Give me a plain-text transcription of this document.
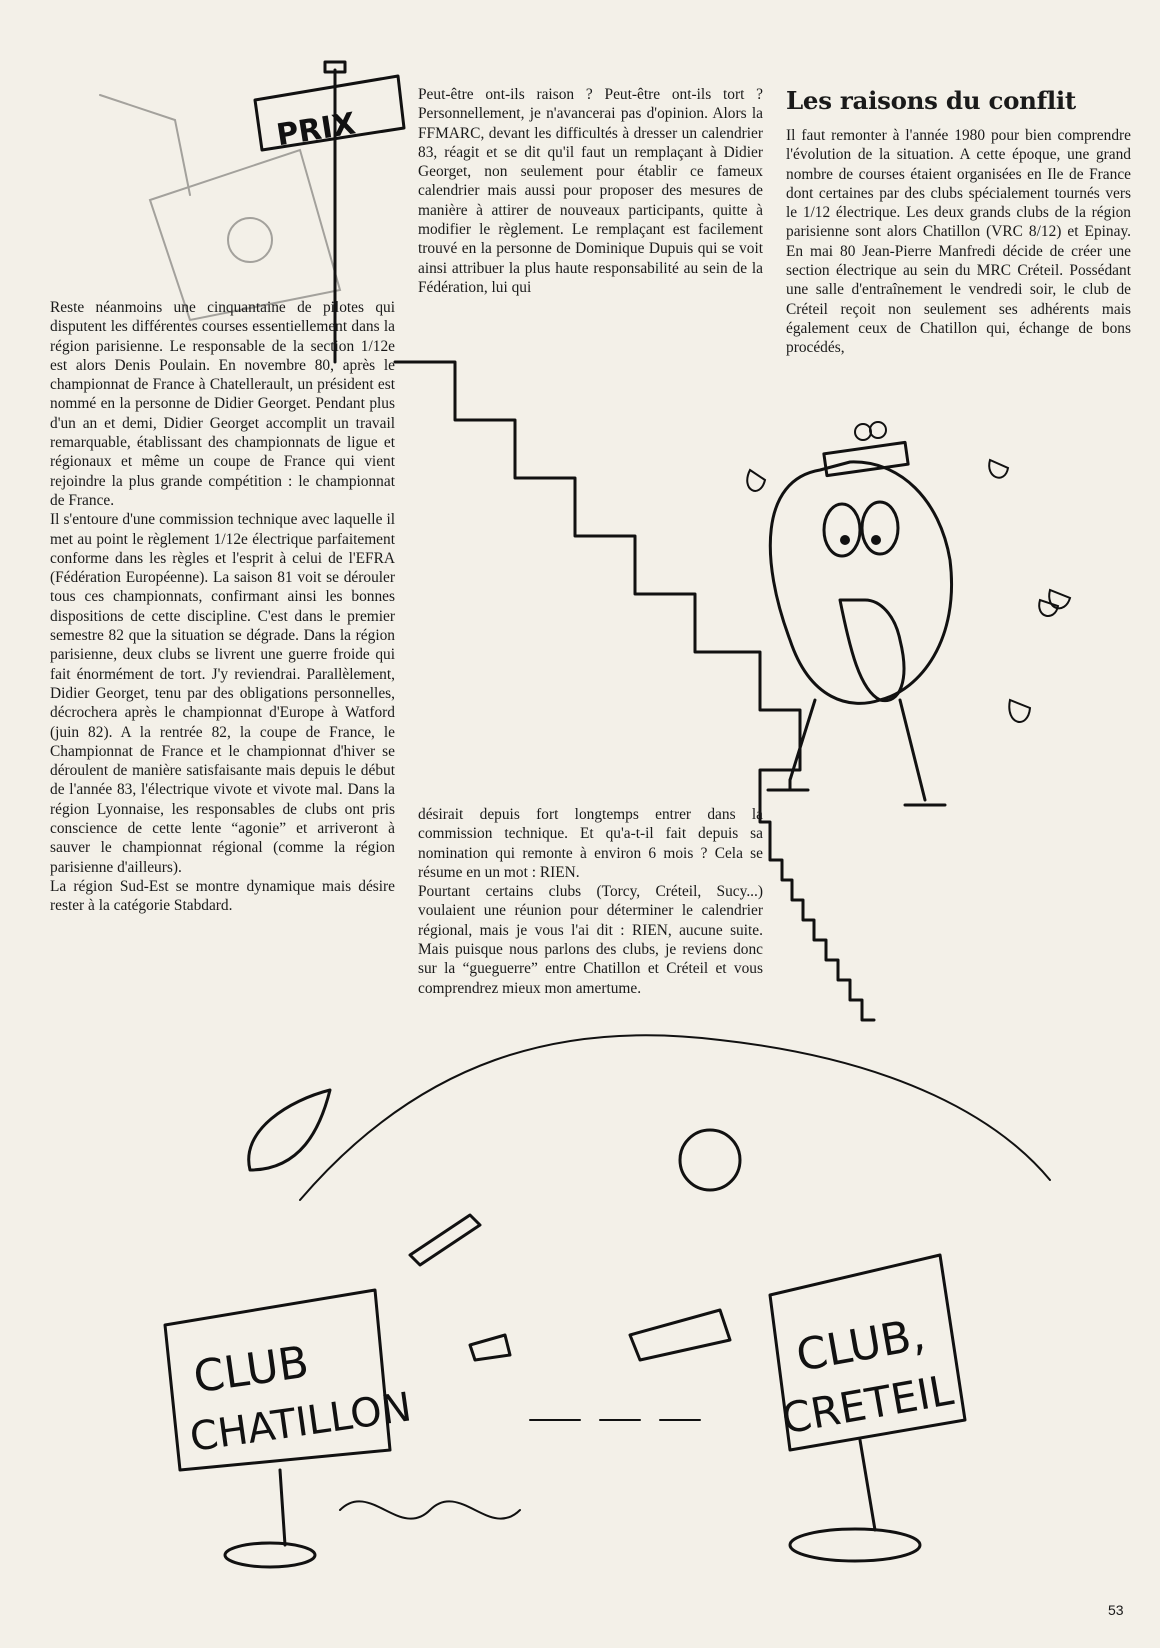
PRIX
CLUB
CHATILLON
CLUB,
CRETEIL

Reste néanmoins une cinquantaine de pilotes qui disputent les différentes courses essentiellement dans la région parisienne. Le responsable de la section 1/12e est alors Denis Poulain. En novembre 80, après le championnat de France à Chatellerault, un président est nommé en la personne de Didier Georget. Pendant plus d'un an et demi, Didier Georget accomplit un travail remarquable, établissant des championnats de ligue et régionaux et même un coupe de France qui vient rejoindre la plus grande compétition : le championnat de France.

Il s'entoure d'une commission technique avec laquelle il met au point le règlement 1/12e électrique parfaitement conforme dans les règles et l'esprit à celui de l'EFRA (Fédération Européenne). La saison 81 voit se dérouler tous ces championnats, confirmant ainsi les bonnes dispositions de cette discipline. C'est dans le premier semestre 82 que la situation se dégrade. Dans la région parisienne, deux clubs se livrent une guerre froide qui fait énormément de tort. J'y reviendrai. Parallèlement, Didier Georget, tenu par des obligations personnelles, décrochera après le championnat d'Europe à Watford (juin 82). A la rentrée 82, la coupe de France, le Championnat de France et le championnat d'hiver se déroulent de manière satisfaisante mais depuis le début de l'année 83, l'électrique vivote et vivote mal. Dans la région Lyonnaise, les responsables de clubs ont pris conscience de cette lente “agonie” et arriveront à sauver le championnat régional (comme la région parisienne d'ailleurs).

La région Sud-Est se montre dynamique mais désire rester à la catégorie Stabdard.

Peut-être ont-ils raison ? Peut-être ont-ils tort ? Personnellement, je n'avancerai pas d'opinion. Alors la FFMARC, devant les difficultés à dresser un calendrier 83, réagit et se dit qu'il faut un remplaçant à Didier Georget, non seulement pour établir ce fameux calendrier mais aussi pour proposer des mesures de manière à attirer de nouveaux participants, quitte à modifier le règlement. Le remplaçant est facilement trouvé en la personne de Dominique Dupuis qui se voit ainsi attribuer la plus haute responsabilité au sein de la Fédération, lui qui

désirait depuis fort longtemps entrer dans la commission technique. Et qu'a-t-il fait depuis sa nomination qui remonte à environ 6 mois ? Cela se résume en un mot : RIEN.

Pourtant certains clubs (Torcy, Créteil, Sucy...) voulaient une réunion pour déterminer le calendrier régional, mais je vous l'ai dit : RIEN, aucune suite. Mais puisque nous parlons des clubs, je reviens donc sur la “gueguerre” entre Chatillon et Créteil et vous comprendrez mieux mon amertume.

Les raisons du conflit

Il faut remonter à l'année 1980 pour bien comprendre l'évolution de la situation. A cette époque, une grand nombre de courses étaient organisées en Ile de France dont certaines par des clubs spécialement tournés vers le 1/12 électrique. Les deux grands clubs de la région parisienne sont alors Chatillon (VRC 8/12) et Epinay. En mai 80 Jean-Pierre Manfredi décide de créer une section électrique au sein du MRC Créteil. Possédant une salle d'entraînement le vendredi soir, le club de Créteil reçoit non seulement ses adhérents mais également ceux de Chatillon qui, échange de bons procédés,

53
